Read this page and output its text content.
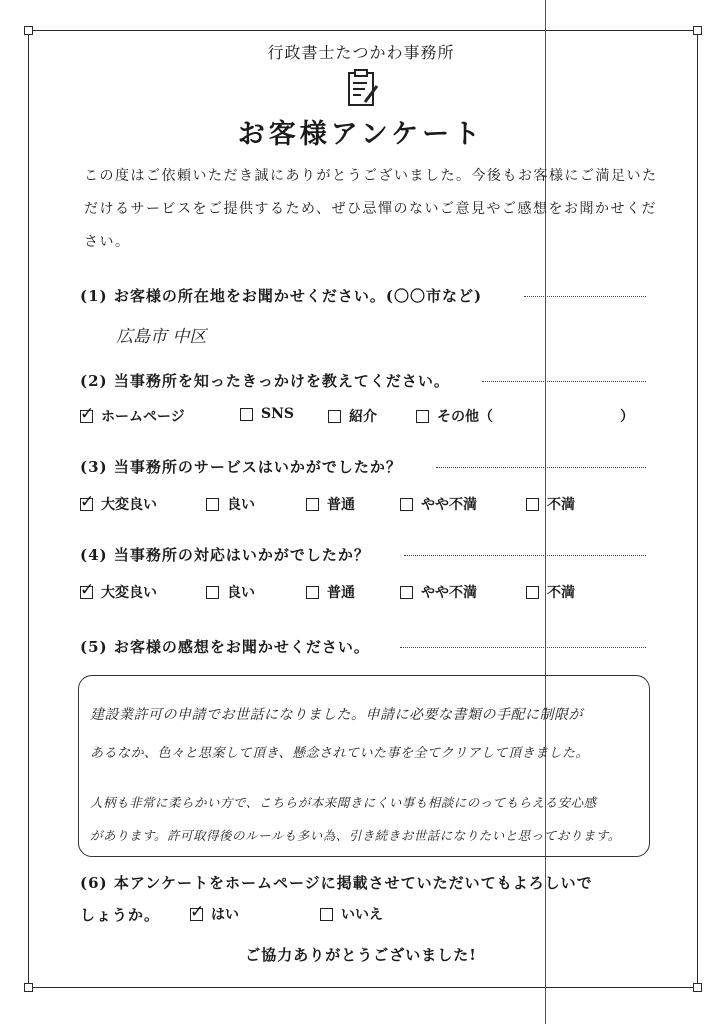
行政書士たつかわ事務所
お客様アンケート
この度はご依頼いただき誠にありがとうございました。今後もお客様にご満足いただけるサービスをご提供するため、ぜひ忌憚のないご意見やご感想をお聞かせください。
(1) お客様の所在地をお聞かせください。(〇〇市など)
広島市 中区
(2) 当事務所を知ったきっかけを教えてください。
✓ ホームページ	SNS	紹介	その他（	）
(3) 当事務所のサービスはいかがでしたか？
✓ 大変良い	良い	普通	やや不満	不満
(4) 当事務所の対応はいかがでしたか？
✓ 大変良い	良い	普通	やや不満	不満
(5) お客様の感想をお聞かせください。
建設業許可の申請でお世話になりました。申請に必要な書類の手配に制限が
あるなか、色々と思案して頂き、懸念されていた事を全てクリアして頂きました。
人柄も非常に柔らかい方で、こちらが本来聞きにくい事も相談にのってもらえる安心感
があります。許可取得後のルールも多い為、引き続きお世話になりたいと思っております。
(6) 本アンケートをホームページに掲載させていただいてもよろしいで
しょうか。 ✓ はい	いいえ
ご協力ありがとうございました!
